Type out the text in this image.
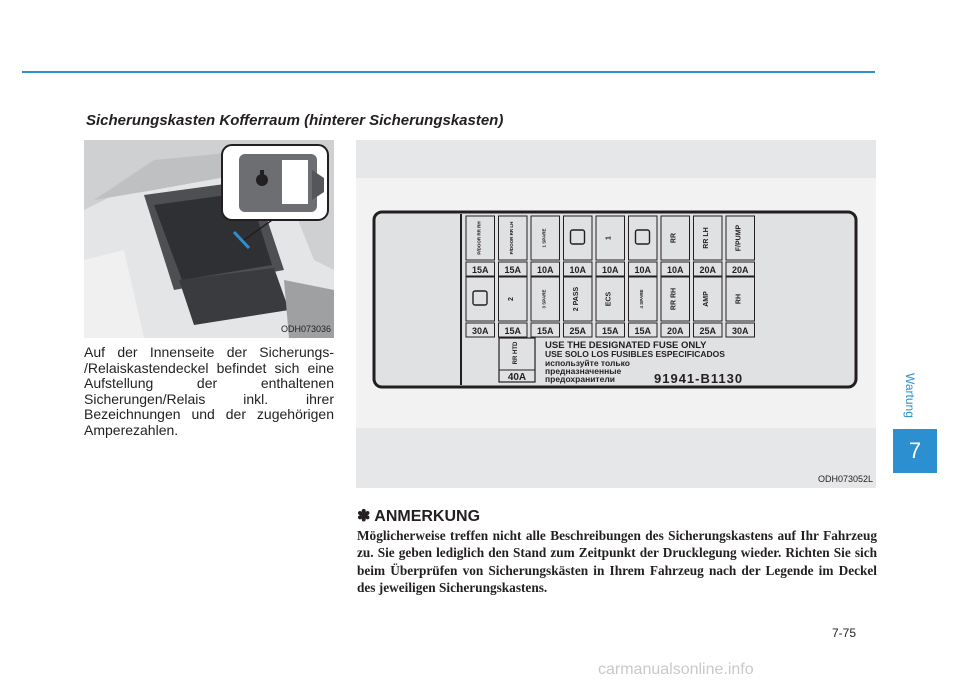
Sicherungskasten Kofferraum (hinterer Sicherungskasten)
ODH073036
Auf der Innenseite der Sicherungs- /Relaiskastendeckel befindet sich eine Aufstellung der enthaltenen Sicherungen/Relais inkl. ihrer Bezeichnungen und der zugehörigen Amperezahlen.
15A
P/DOOR RR RH
15A
P/DOOR RR LH
10A
1 SPARE
10A 10A
1
10A 10A
RR
20A
RR LH
20A
F/PUMP
30A 15A
2
15A
3 SPARE
25A
2 PASS
15A
ECS
15A
4 SPARE
20A
RR RH
25A
AMP
30A
RH
RR HTD
40A
USE THE DESIGNATED FUSE ONLY
USE SOLO LOS FUSIBLES ESPECIFICADOS
используйте только
предназначенные
предохранители	91941-B1130
ODH073052L
✽ ANMERKUNG
Möglicherweise treffen nicht alle Beschreibungen des Sicherungskastens auf Ihr Fahrzeug zu. Sie geben lediglich den Stand zum Zeitpunkt der Drucklegung wieder. Richten Sie sich beim Überprüfen von Sicherungskästen in Ihrem Fahrzeug nach der Legende im Deckel des jeweiligen Sicherungskastens.
Wartung
7
7-75
carmanualsonline.info
